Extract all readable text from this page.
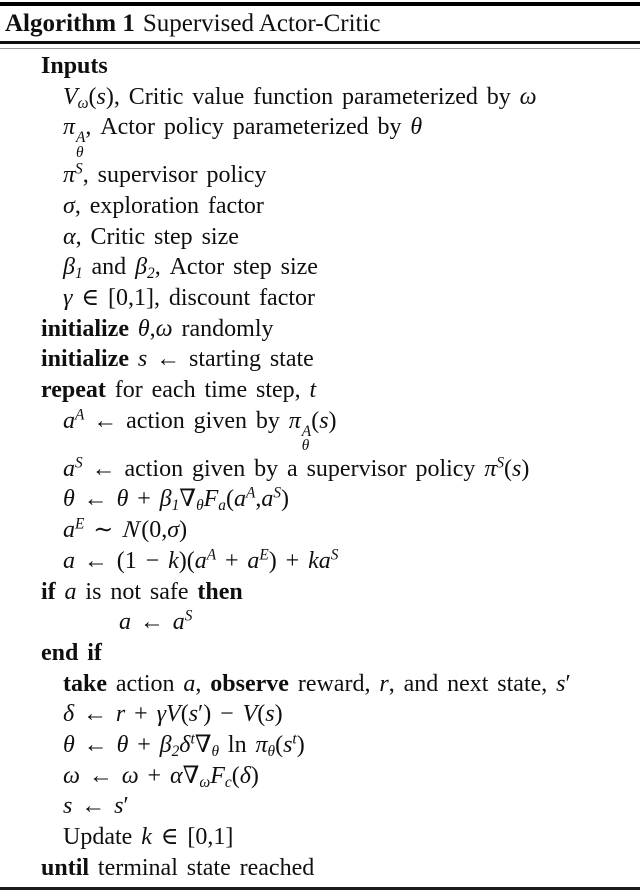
Algorithm 1 Supervised Actor-Critic
Inputs
$V_\omega(s)$, Critic value function parameterized by ω
π A
θ
, Actor policy parameterized by θ
$\pi^S$, supervisor policy
σ, exploration factor
α, Critic step size
$\beta_1$ and $\beta_2$, Actor step size
γ ∈ [0,1], discount factor
initialize θ,ω randomly
initialize s ← starting state
repeat for each time step, t
$a^A$ ← action given by π A
θ
(s)
$a^S$ ← action given by a supervisor policy $\pi^S(s)$
θ ← $\theta + \beta_1\nabla_\theta F_a(a^A,a^S)$
$a^E$ ∼ N(0,σ)
a ← $(1 - k)(a^A + a^E) + ka^S$
if a is not safe then
a ← $a^S$
end if
take action a, observe reward, r, and next state, s′
δ ← r + γV(s′) − V(s)
θ ← $\theta + \beta_2\delta^t\nabla_\theta$ $\ln \pi_\theta(s^t)$
ω ← $\omega + \alpha\nabla_\omega F_c(\delta)$
s ← s′
Update k ∈ [0,1]
until terminal state reached
